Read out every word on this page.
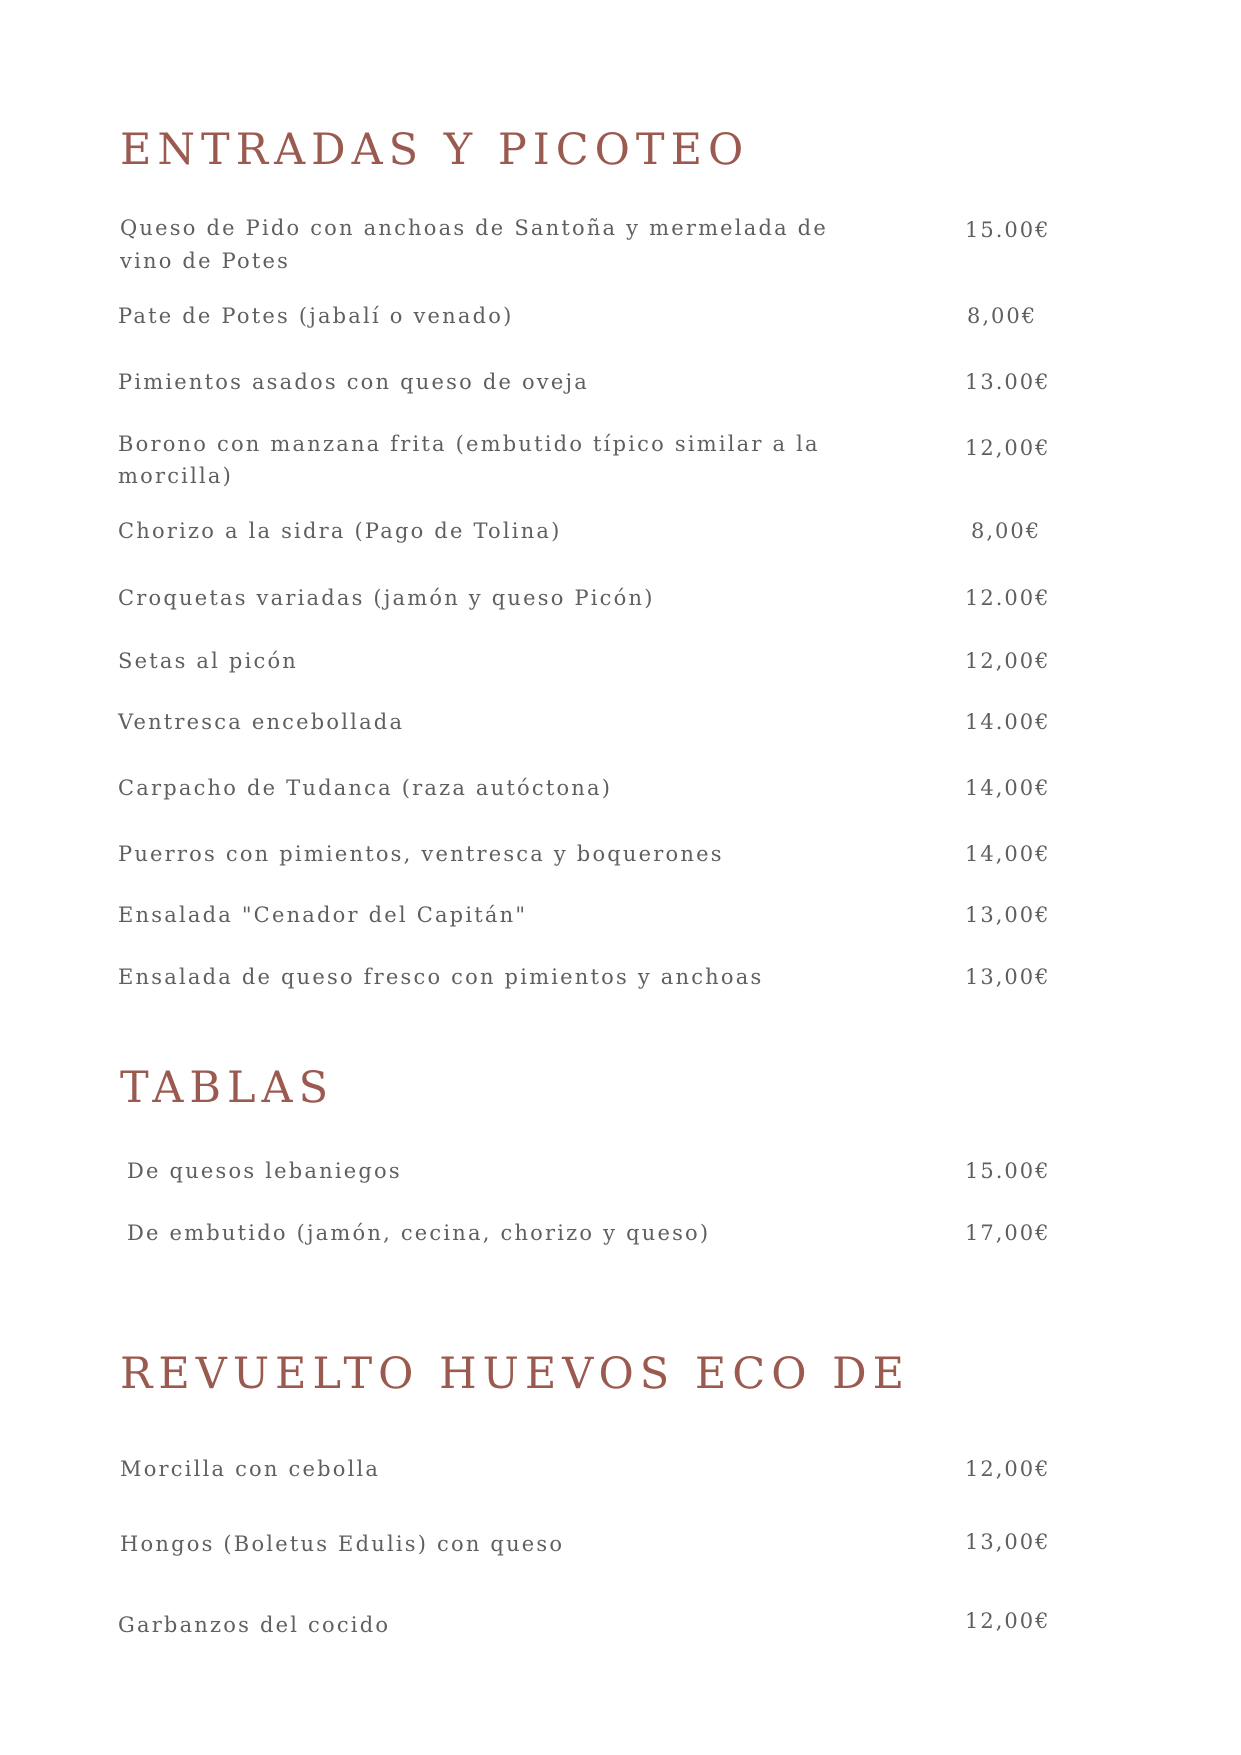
ENTRADAS Y PICOTEO

Queso de Pido con anchoas de Santoña y mermelada de

vino de Potes

15.00€

Pate de Potes (jabalí o venado)	8,00€

Pimientos asados con queso de oveja	13.00€

Borono con manzana frita (embutido típico similar a la

morcilla)

12,00€

Chorizo a la sidra (Pago de Tolina)	8,00€

Croquetas variadas (jamón y queso Picón)	12.00€

Setas al picón	12,00€

Ventresca encebollada	14.00€

Carpacho de Tudanca (raza autóctona)	14,00€

Puerros con pimientos, ventresca y boquerones	14,00€

Ensalada "Cenador del Capitán"	13,00€

Ensalada de queso fresco con pimientos y anchoas	13,00€

TABLAS

De quesos lebaniegos	15.00€

De embutido (jamón, cecina, chorizo y queso)	17,00€

REVUELTO HUEVOS ECO DE

Morcilla con cebolla	12,00€

Hongos (Boletus Edulis) con queso	13,00€

Garbanzos del cocido	12,00€
